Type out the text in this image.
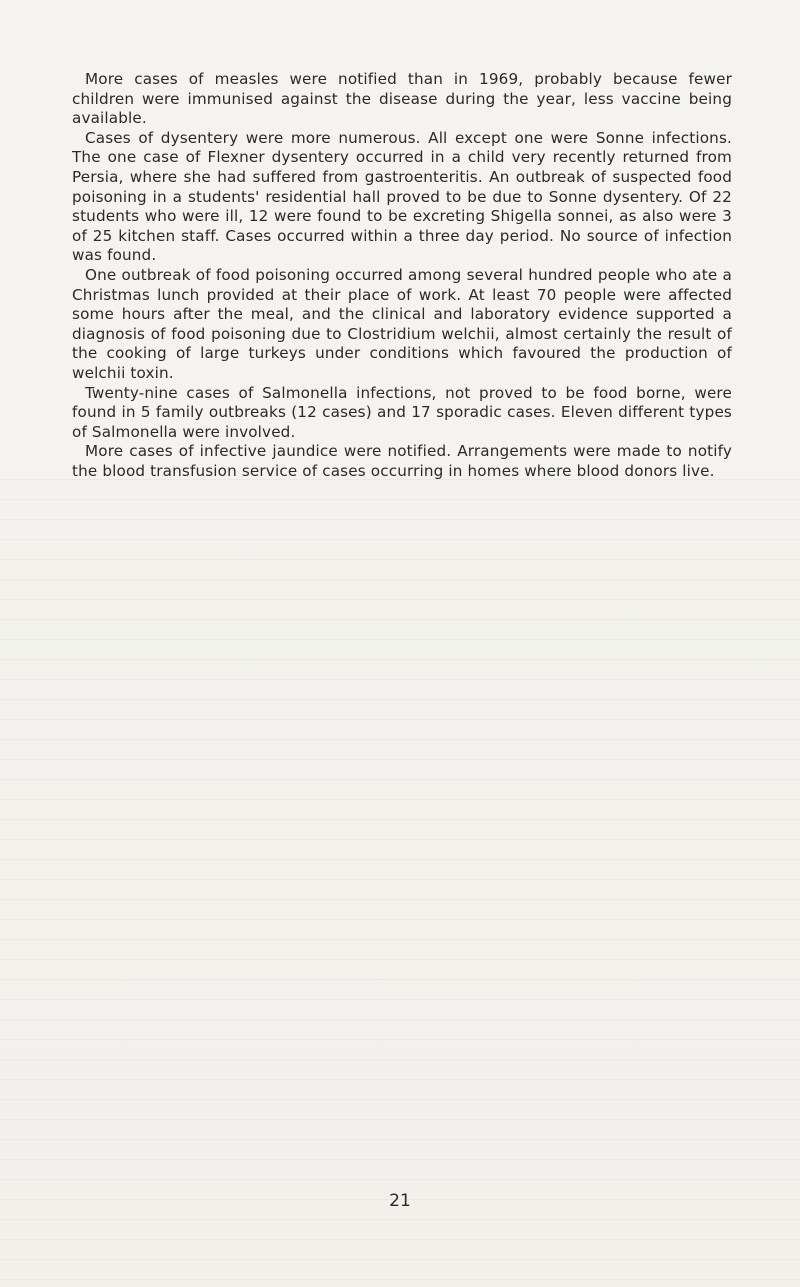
More cases of measles were notified than in 1969, probably because fewer children were immunised against the disease during the year, less vaccine being available.

Cases of dysentery were more numerous. All except one were Sonne infections. The one case of Flexner dysentery occurred in a child very recently returned from Persia, where she had suffered from gastroenteritis. An outbreak of suspected food poisoning in a students' residential hall proved to be due to Sonne dysentery. Of 22 students who were ill, 12 were found to be excreting Shigella sonnei, as also were 3 of 25 kitchen staff. Cases occurred within a three day period. No source of infection was found.

One outbreak of food poisoning occurred among several hundred people who ate a Christmas lunch provided at their place of work. At least 70 people were affected some hours after the meal, and the clinical and laboratory evidence supported a diagnosis of food poisoning due to Clostridium welchii, almost certainly the result of the cooking of large turkeys under conditions which favoured the production of welchii toxin.

Twenty-nine cases of Salmonella infections, not proved to be food borne, were found in 5 family outbreaks (12 cases) and 17 sporadic cases. Eleven different types of Salmonella were involved.

More cases of infective jaundice were notified. Arrangements were made to notify the blood transfusion service of cases occurring in homes where blood donors live.

21
